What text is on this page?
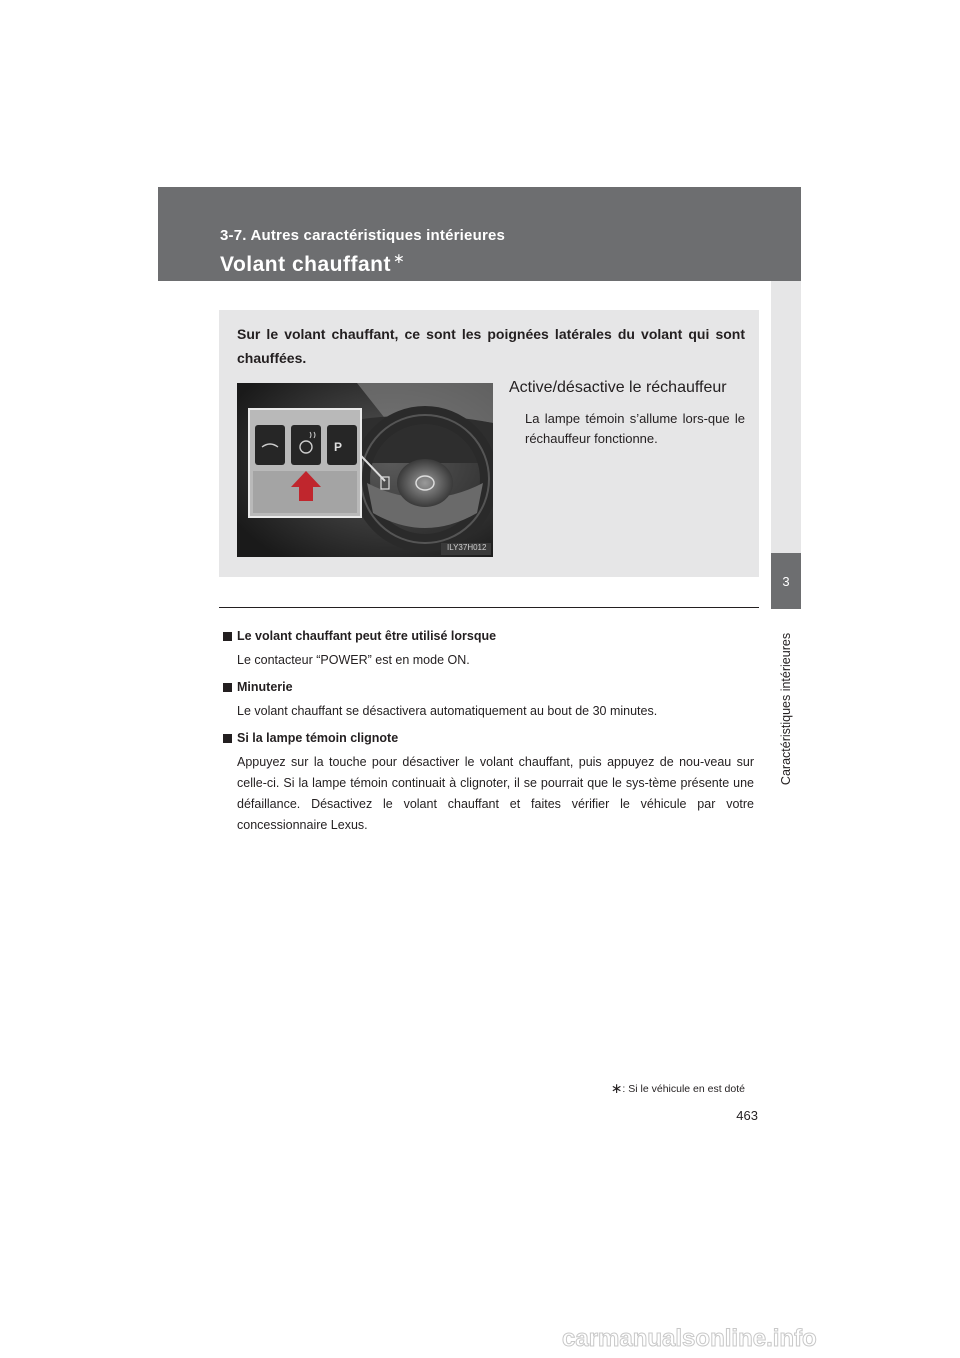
3-7. Autres caractéristiques intérieures
Volant chauffant ∗
3
Caractéristiques intérieures
Sur le volant chauffant, ce sont les poignées latérales du volant qui sont chauffées.
P
ILY37H012
Active/désactive le réchauffeur
La lampe témoin s’allume lors-que le réchauffeur fonctionne.
Le volant chauffant peut être utilisé lorsque
Le contacteur “POWER” est en mode ON.
Minuterie
Le volant chauffant se désactivera automatiquement au bout de 30 minutes.
Si la lampe témoin clignote
Appuyez sur la touche pour désactiver le volant chauffant, puis appuyez de nou-veau sur celle-ci. Si la lampe témoin continuait à clignoter, il se pourrait que le sys-tème présente une défaillance. Désactivez le volant chauffant et faites vérifier le véhicule par votre concessionnaire Lexus.
∗: Si le véhicule en est doté
463
carmanualsonline.info
